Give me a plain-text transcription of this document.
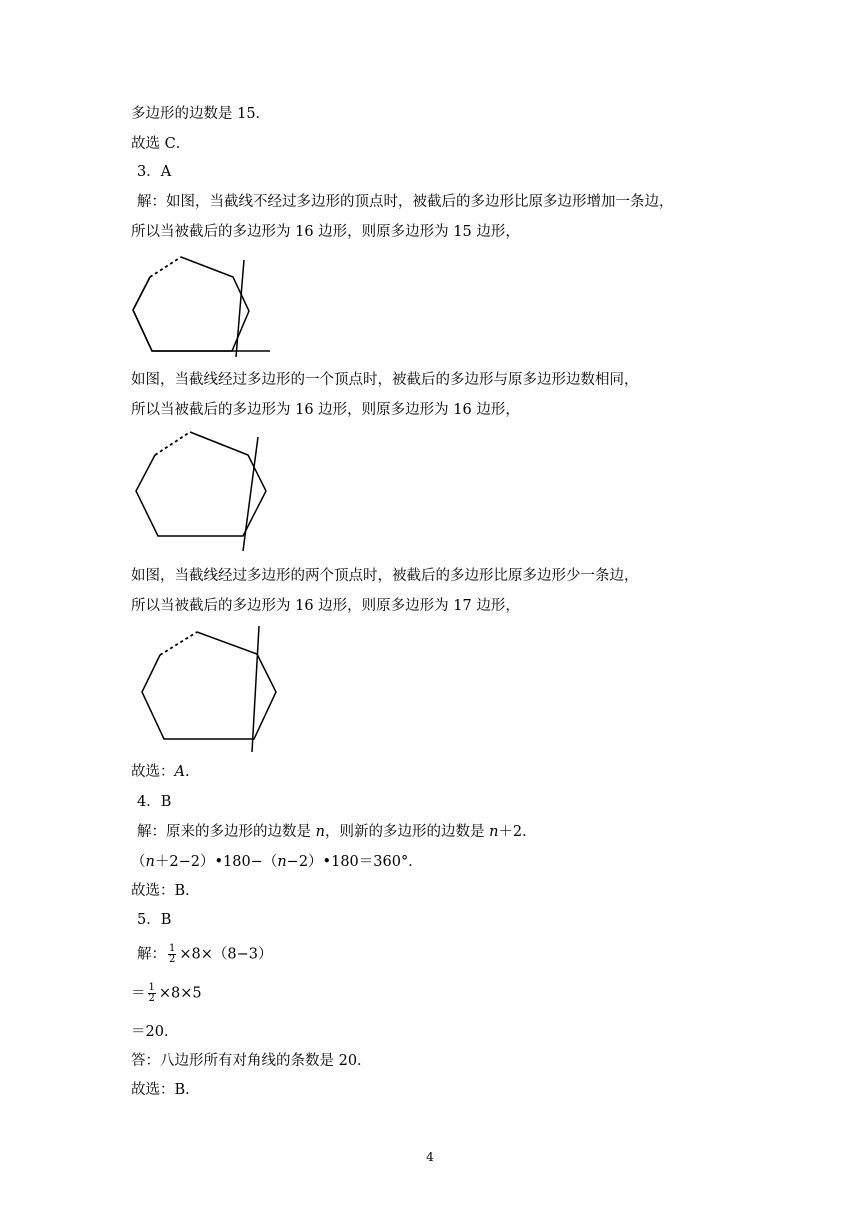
多边形的边数是 15．
故选 C．
3．A
解：如图，当截线不经过多边形的顶点时，被截后的多边形比原多边形增加一条边，
所以当被截后的多边形为 16 边形，则原多边形为 15 边形，
如图，当截线经过多边形的一个顶点时，被截后的多边形与原多边形边数相同，
所以当被截后的多边形为 16 边形，则原多边形为 16 边形，
如图，当截线经过多边形的两个顶点时，被截后的多边形比原多边形少一条边，
所以当被截后的多边形为 16 边形，则原多边形为 17 边形，
故选：A.
4．B
解：原来的多边形的边数是 n，则新的多边形的边数是 n＋2．
（n＋2−2）•180−（n−2）•180＝360°．
故选：B．
5．B
解： $\frac{1}{2} \times 8\times(8-3)$
＝ $\frac{1}{2} \times 8\times 5$
＝20．
答：八边形所有对角线的条数是 20．
故选：B．
4
